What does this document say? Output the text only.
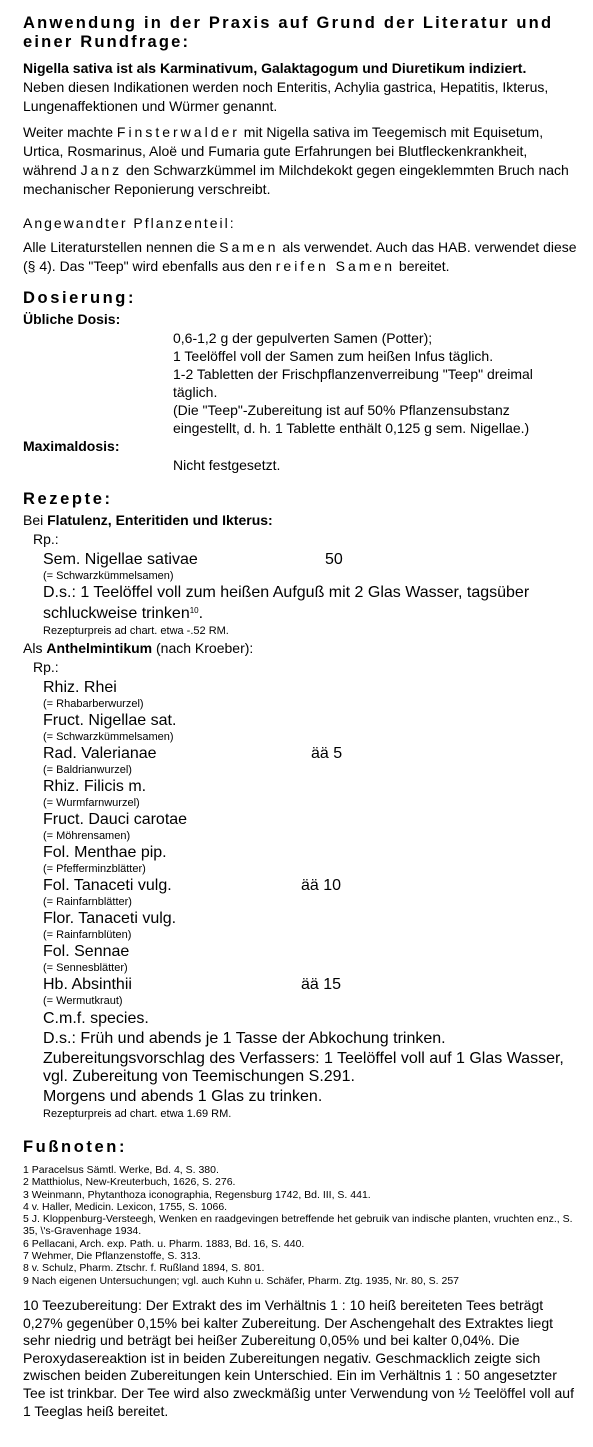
Anwendung in der Praxis auf Grund der Literatur und einer Rundfrage:

Nigella sativa ist als Karminativum, Galaktagogum und Diuretikum indiziert.

Neben diesen Indikationen werden noch Enteritis, Achylia gastrica, Hepatitis, Ikterus, Lungenaffektionen und Würmer genannt.

Weiter machte Finsterwalder mit Nigella sativa im Teegemisch mit Equisetum, Urtica, Rosmarinus, Aloë und Fumaria gute Erfahrungen bei Blutfleckenkrankheit, während Janz den Schwarzkümmel im Milchdekokt gegen eingeklemmten Bruch nach mechanischer Reponierung verschreibt.

Angewandter Pflanzenteil:

Alle Literaturstellen nennen die Samen als verwendet. Auch das HAB. verwendet diese (§ 4). Das "Teep" wird ebenfalls aus den reifen Samen bereitet.

Dosierung:

Übliche Dosis:

0,6-1,2 g der gepulverten Samen (Potter);
1 Teelöffel voll der Samen zum heißen Infus täglich.
1-2 Tabletten der Frischpflanzenverreibung "Teep" dreimal täglich.
(Die "Teep"-Zubereitung ist auf 50% Pflanzensubstanz eingestellt, d. h. 1 Tablette enthält 0,125 g sem. Nigellae.)

Maximaldosis:

Nicht festgesetzt.

Rezepte:

Bei Flatulenz, Enteritiden und Ikterus:

Rp.:
Sem. Nigellae sativae	50
(= Schwarzkümmelsamen)
D.s.: 1 Teelöffel voll zum heißen Aufguß mit 2 Glas Wasser, tagsüber schluckweise trinken$^{10}$.
Rezepturpreis ad chart. etwa -.52 RM.

Als Anthelmintikum (nach Kroeber):

Rp.:
Rhiz. Rhei
(= Rhabarberwurzel)
Fruct. Nigellae sat.
(= Schwarzkümmelsamen)
Rad. Valerianae	ää 5
(= Baldrianwurzel)
Rhiz. Filicis m.
(= Wurmfarnwurzel)
Fruct. Dauci carotae
(= Möhrensamen)
Fol. Menthae pip.
(= Pfefferminzblätter)
Fol. Tanaceti vulg.	ää 10
(= Rainfarnblätter)
Flor. Tanaceti vulg.
(= Rainfarnblüten)
Fol. Sennae
(= Sennesblätter)
Hb. Absinthii	ää 15
(= Wermutkraut)
C.m.f. species.
D.s.: Früh und abends je 1 Tasse der Abkochung trinken.
Zubereitungsvorschlag des Verfassers: 1 Teelöffel voll auf 1 Glas Wasser, vgl. Zubereitung von Teemischungen S.291.
Morgens und abends 1 Glas zu trinken.
Rezepturpreis ad chart. etwa 1.69 RM.

Fußnoten:

1 Paracelsus Sämtl. Werke, Bd. 4, S. 380.

2 Matthiolus, New-Kreuterbuch, 1626, S. 276.

3 Weinmann, Phytanthoza iconographia, Regensburg 1742, Bd. III, S. 441.

4 v. Haller, Medicin. Lexicon, 1755, S. 1066.

5 J. Kloppenburg-Versteegh, Wenken en raadgevingen betreffende het gebruik van indische planten, vruchten enz., S. 35, \'s-Gravenhage 1934.

6 Pellacani, Arch. exp. Path. u. Pharm. 1883, Bd. 16, S. 440.

7 Wehmer, Die Pflanzenstoffe, S. 313.

8 v. Schulz, Pharm. Ztschr. f. Rußland 1894, S. 801.

9 Nach eigenen Untersuchungen; vgl. auch Kuhn u. Schäfer, Pharm. Ztg. 1935, Nr. 80, S. 257

10 Teezubereitung: Der Extrakt des im Verhältnis 1 : 10 heiß bereiteten Tees beträgt 0,27% gegenüber 0,15% bei kalter Zubereitung. Der Aschengehalt des Extraktes liegt sehr niedrig und beträgt bei heißer Zubereitung 0,05% und bei kalter 0,04%. Die Peroxydasereaktion ist in beiden Zubereitungen negativ. Geschmacklich zeigte sich zwischen beiden Zubereitungen kein Unterschied. Ein im Verhältnis 1 : 50 angesetzter Tee ist trinkbar. Der Tee wird also zweckmäßig unter Verwendung von ½ Teelöffel voll auf 1 Teeglas heiß bereitet.
